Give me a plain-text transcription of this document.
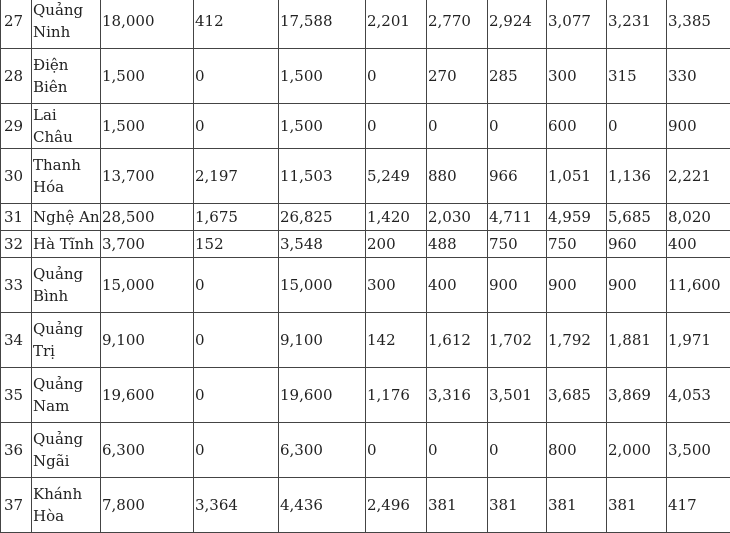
27	Quảng Ninh	18,000	412	17,588	2,201	2,770	2,924	3,077	3,231	3,385
28	Điện Biên	1,500	0	1,500	0	270	285	300	315	330
29	Lai Châu	1,500	0	1,500	0	0	0	600	0	900
30	Thanh Hóa	13,700	2,197	11,503	5,249	880	966	1,051	1,136	2,221
31	Nghệ An	28,500	1,675	26,825	1,420	2,030	4,711	4,959	5,685	8,020
32	Hà Tĩnh	3,700	152	3,548	200	488	750	750	960	400
33	Quảng Bình	15,000	0	15,000	300	400	900	900	900	11,600
34	Quảng Trị	9,100	0	9,100	142	1,612	1,702	1,792	1,881	1,971
35	Quảng Nam	19,600	0	19,600	1,176	3,316	3,501	3,685	3,869	4,053
36	Quảng Ngãi	6,300	0	6,300	0	0	0	800	2,000	3,500
37	Khánh Hòa	7,800	3,364	4,436	2,496	381	381	381	381	417
